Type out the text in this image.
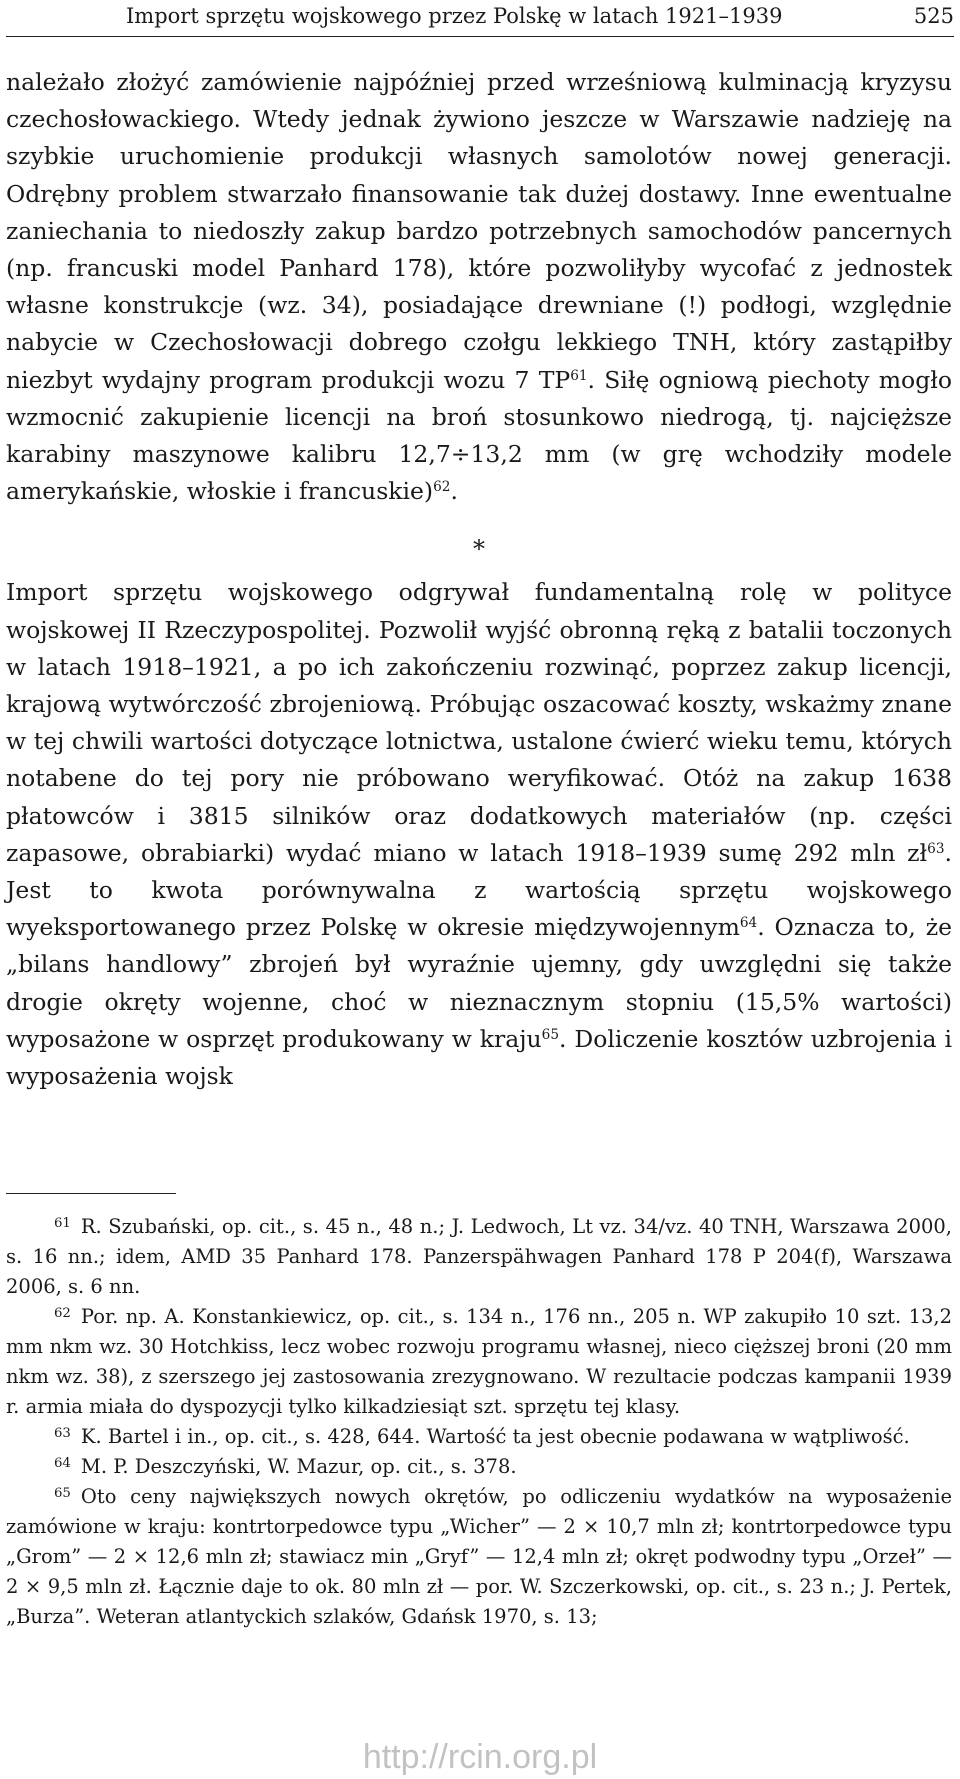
Import sprzętu wojskowego przez Polskę w latach 1921–1939	525

należało złożyć zamówienie najpóźniej przed wrześniową kulminacją kryzysu czechosłowackiego. Wtedy jednak żywiono jeszcze w Warszawie nadzieję na szybkie uruchomienie produkcji własnych samolotów nowej generacji. Odrębny problem stwarzało finansowanie tak dużej dostawy. Inne ewentualne zaniechania to niedoszły zakup bardzo potrzebnych samochodów pancernych (np. francuski model Panhard 178), które pozwoliłyby wycofać z jednostek własne konstrukcje (wz. 34), posiadające drewniane (!) podłogi, względnie nabycie w Czechosłowacji dobrego czołgu lekkiego TNH, który zastąpiłby niezbyt wydajny program produkcji wozu 7 TP$^{61}$. Siłę ogniową piechoty mogło wzmocnić zakupienie licencji na broń stosunkowo niedrogą, tj. najcięższe karabiny maszynowe kalibru 12,7÷13,2 mm (w grę wchodziły modele amerykańskie, włoskie i francuskie)$^{62}$.

*

Import sprzętu wojskowego odgrywał fundamentalną rolę w polityce wojskowej II Rzeczypospolitej. Pozwolił wyjść obronną ręką z batalii toczonych w latach 1918–1921, a po ich zakończeniu rozwinąć, poprzez zakup licencji, krajową wytwórczość zbrojeniową. Próbując oszacować koszty, wskażmy znane w tej chwili wartości dotyczące lotnictwa, ustalone ćwierć wieku temu, których notabene do tej pory nie próbowano weryfikować. Otóż na zakup 1638 płatowców i 3815 silników oraz dodatkowych materiałów (np. części zapasowe, obrabiarki) wydać miano w latach 1918–1939 sumę 292 mln $zł^{63}$. Jest to kwota porównywalna z wartością sprzętu wojskowego wyeksportowanego przez Polskę w okresie międzywojennym$^{64}$. Oznacza to, że „bilans handlowy” zbrojeń był wyraźnie ujemny, gdy uwzględni się także drogie okręty wojenne, choć w nieznacznym stopniu (15,5% wartości) wyposażone w osprzęt produkowany w kraju$^{65}$. Doliczenie kosztów uzbrojenia i wyposażenia wojsk

61 R. Szubański, op. cit., s. 45 n., 48 n.; J. Ledwoch, Lt vz. 34/vz. 40 TNH, Warszawa 2000, s. 16 nn.; idem, AMD 35 Panhard 178. Panzerspähwagen Panhard 178 P 204(f), Warszawa 2006, s. 6 nn.

62 Por. np. A. Konstankiewicz, op. cit., s. 134 n., 176 nn., 205 n. WP zakupiło 10 szt. 13,2 mm nkm wz. 30 Hotchkiss, lecz wobec rozwoju programu własnej, nieco cięższej broni (20 mm nkm wz. 38), z szerszego jej zastosowania zrezygnowano. W rezultacie podczas kampanii 1939 r. armia miała do dyspozycji tylko kilkadziesiąt szt. sprzętu tej klasy.

63 K. Bartel i in., op. cit., s. 428, 644. Wartość ta jest obecnie podawana w wątpliwość.

64 M. P. Deszczyński, W. Mazur, op. cit., s. 378.

65 Oto ceny największych nowych okrętów, po odliczeniu wydatków na wyposażenie zamówione w kraju: kontrtorpedowce typu „Wicher” — 2 × 10,7 mln zł; kontrtorpedowce typu „Grom” — 2 × 12,6 mln zł; stawiacz min „Gryf” — 12,4 mln zł; okręt podwodny typu „Orzeł” — 2 × 9,5 mln zł. Łącznie daje to ok. 80 mln zł — por. W. Szczerkowski, op. cit., s. 23 n.; J. Pertek, „Burza”. Weteran atlantyckich szlaków, Gdańsk 1970, s. 13;

http://rcin.org.pl
